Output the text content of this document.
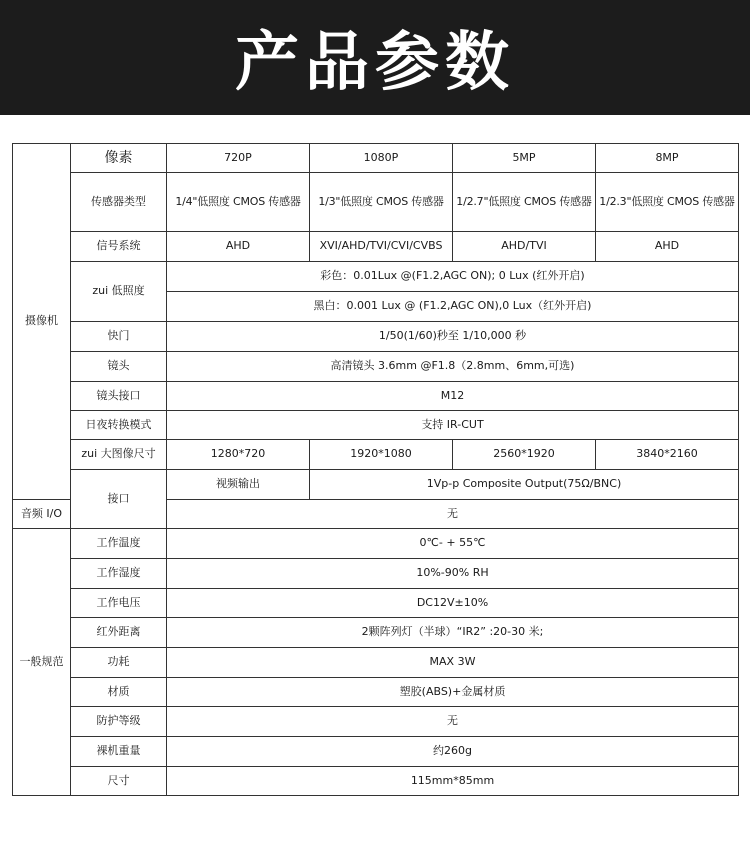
产品参数
摄像机	像素	720P	1080P	5MP	8MP
	传感器类型	1/4"低照度 CMOS 传感器	1/3"低照度 CMOS 传感器	1/2.7"低照度 CMOS 传感器	1/2.3"低照度 CMOS 传感器
	信号系统	AHD	XVI/AHD/TVI/CVI/CVBS	AHD/TVI	AHD
	zui 低照度	彩色：0.01Lux @(F1.2,AGC ON); 0 Lux (红外开启)			
		黑白：0.001 Lux @ (F1.2,AGC ON),0 Lux（红外开启)			
	快门	1/50(1/60)秒至 1/10,000 秒			
	镜头	高清镜头 3.6mm @F1.8（2.8mm、6mm,可选)			
	镜头接口	M12			
	日夜转换模式	支持 IR-CUT			
	zui 大图像尺寸	1280*720	1920*1080	2560*1920	3840*2160
	接口	视频输出	1Vp-p Composite Output(75Ω/BNC)		
音频 I/O		无			
一般规范	工作温度	0℃- + 55℃			
	工作湿度	10%-90% RH			
	工作电压	DC12V±10%			
	红外距离	2颗阵列灯（半球）“IR2” :20-30 米;			
	功耗	MAX 3W			
	材质	塑胶(ABS)+金属材质			
	防护等级	无			
	裸机重量	约260g			
	尺寸	115mm*85mm			
